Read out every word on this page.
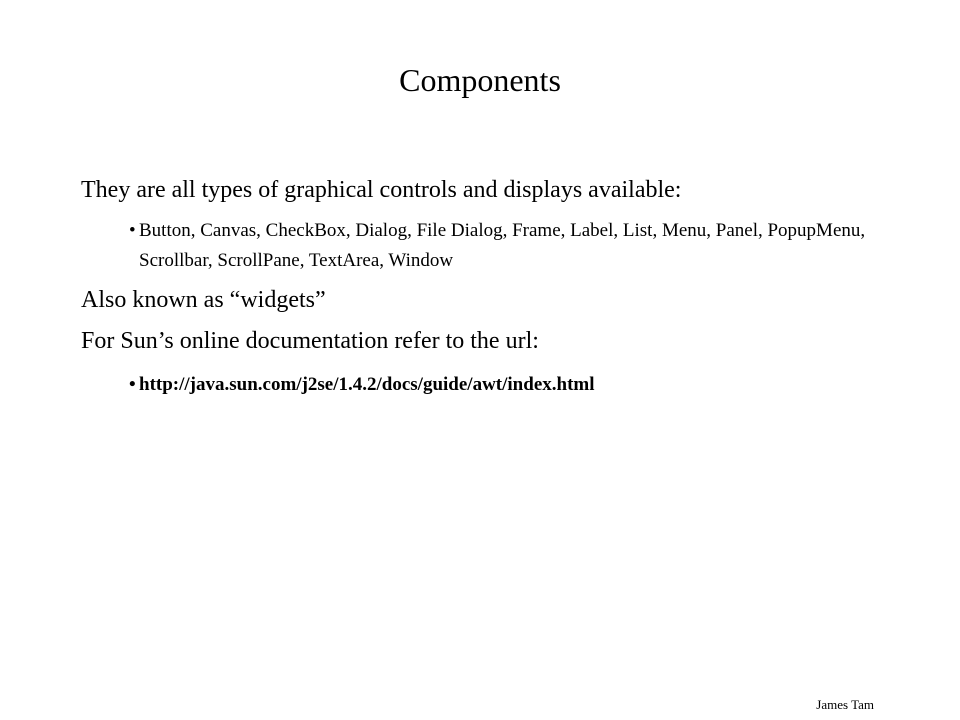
Components

They are all types of graphical controls and displays available:

• Button, Canvas, CheckBox, Dialog, File Dialog, Frame, Label, List, Menu, Panel, PopupMenu, Scrollbar, ScrollPane, TextArea, Window

Also known as “widgets”

For Sun’s online documentation refer to the url:

• http://java.sun.com/j2se/1.4.2/docs/guide/awt/index.html

James Tam
